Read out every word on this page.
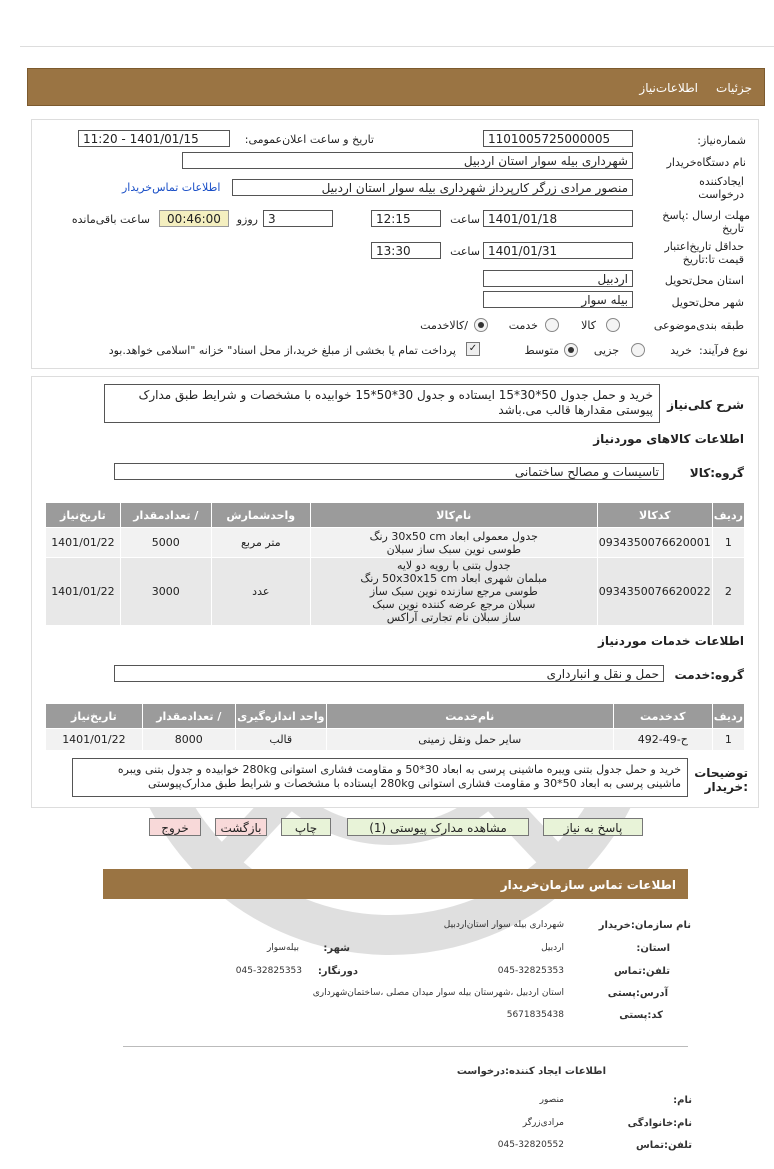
جزئیات
اطلاعات‌نیاز
شماره‌نیاز:
1101005725000005
تاریخ و ساعت اعلان‌عمومی:
1401/01/15 - 11:20
نام دستگاه‌خریدار
شهرداری بیله سوار استان اردبیل
ایجادکننده
درخواست
منصور مرادی زرگر کارپرداز شهرداری بیله سوار استان اردبیل
اطلاعات تماس‌خریدار
مهلت ارسال :پاسخ
تاریخ
1401/01/18
ساعت
12:15
3
روزو
00:46:00
ساعت باقی‌مانده
حداقل تاریخ‌اعتبار
قیمت تا:تاریخ
1401/01/31
ساعت
13:30
استان محل‌تحویل
اردبیل
شهر محل‌تحویل
بیله سوار
طبقه بندی‌موضوعی
کالا
خدمت
/کالاخدمت
نوع فرآیند:
خرید
جزیی
متوسط
✓
پرداخت تمام یا بخشی از مبلغ خرید،از محل اسناد" خزانه "اسلامی خواهد.بود
شرح کلی‌نیاز
خرید و حمل جدول 50*30*15 ایستاده و جدول 30*50*15 خوابیده با مشخصات و شرایط طبق مدارک
پیوستی مقدارها قالب می.باشد
اطلاعات کالاهای موردنیاز
گروه:کالا
تاسیسات و مصالح ساختمانی
ردیف	کدکالا	نام‌کالا	واحدشمارش	/ تعدادمقدار	تاریخ‌نیاز
1	0934350076620001	جدول معمولی ابعاد 30x50 cm رنگ
طوسی نوین سبک ساز سبلان	متر مربع	5000	1401/01/22
2	0934350076620022	جدول بتنی با رویه دو لایه
مبلمان شهری ابعاد 50x30x15 cm رنگ
طوسی مرجع سازنده نوین سبک ساز
سبلان مرجع عرضه کننده نوین سبک
ساز سبلان نام تجارتی آراکس	عدد	3000	1401/01/22
اطلاعات خدمات موردنیاز
گروه:خدمت
حمل و نقل و انبارداری
ردیف	کدخدمت	نام‌خدمت	واحد اندازه‌گیری	/ تعدادمقدار	تاریخ‌نیاز
1	ح-49-492	سایر حمل ونقل زمینی	قالب	8000	1401/01/22
توضیحات
:خریدار
خرید و حمل جدول بتنی ویبره ماشینی پرسی به ابعاد 30*50 و مقاومت فشاری استوانی 280kg خوابیده و جدول بتنی ویبره
ماشینی پرسی به ابعاد 50*30 و مقاومت فشاری استوانی 280kg ایستاده با مشخصات و شرایط طبق مدارک‌پیوستی
پاسخ به نیاز
مشاهده مدارک پیوستی (1)
چاپ
بازگشت
خروج
اطلاعات تماس سازمان‌خریدار
نام سازمان:خریدار
شهرداری بیله سوار استان‌اردبیل
استان:
اردبیل
شهر:
بیله‌سوار
تلفن:تماس
045-32825353
دورنگار:
045-32825353
آدرس:پستی
استان اردبیل ،شهرستان بیله سوار میدان مصلی ،ساختمان‌شهرداری
کد:پستی
5671835438
اطلاعات ایجاد کننده:درخواست
نام:
منصور
نام:خانوادگی
مرادی‌زرگر
تلفن:تماس
045-32820552
